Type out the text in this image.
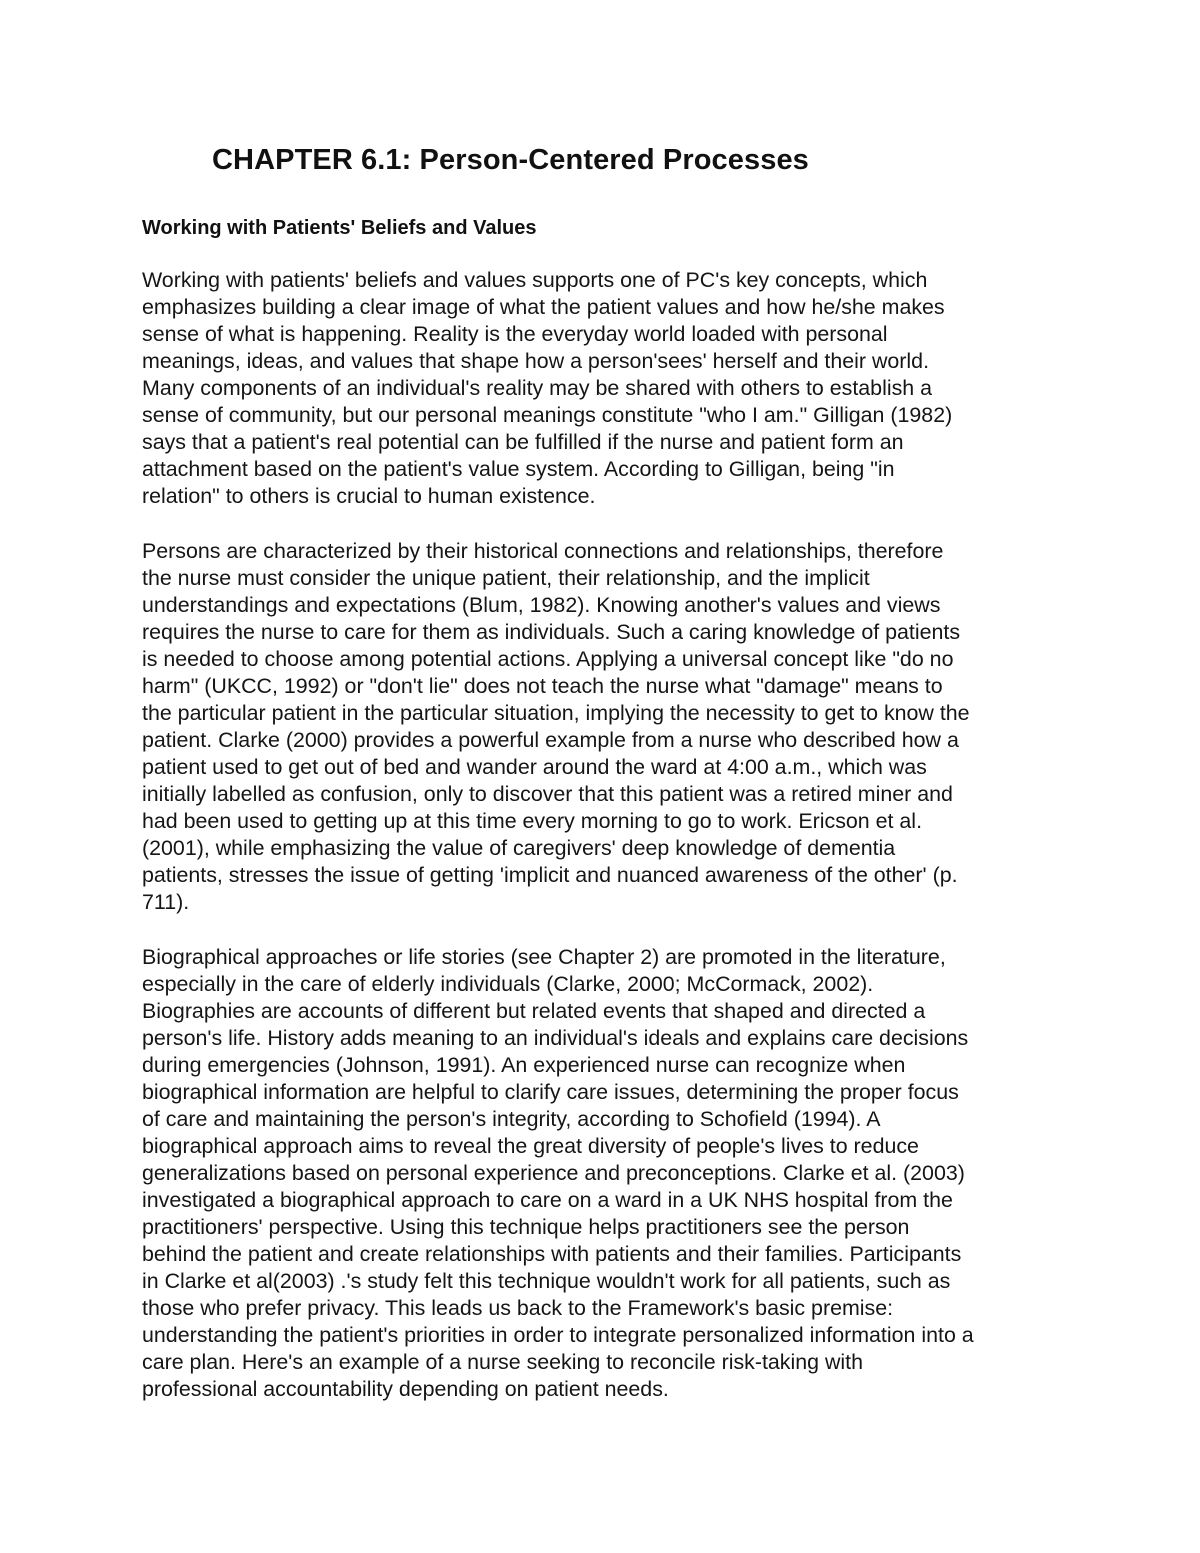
CHAPTER 6.1: Person-Centered Processes
Working with Patients' Beliefs and Values
Working with patients' beliefs and values supports one of PC's key concepts, which
emphasizes building a clear image of what the patient values and how he/she makes
sense of what is happening. Reality is the everyday world loaded with personal
meanings, ideas, and values that shape how a person'sees' herself and their world.
Many components of an individual's reality may be shared with others to establish a
sense of community, but our personal meanings constitute "who I am." Gilligan (1982)
says that a patient's real potential can be fulfilled if the nurse and patient form an
attachment based on the patient's value system. According to Gilligan, being "in
relation" to others is crucial to human existence.
Persons are characterized by their historical connections and relationships, therefore
the nurse must consider the unique patient, their relationship, and the implicit
understandings and expectations (Blum, 1982). Knowing another's values and views
requires the nurse to care for them as individuals. Such a caring knowledge of patients
is needed to choose among potential actions. Applying a universal concept like "do no
harm" (UKCC, 1992) or "don't lie" does not teach the nurse what "damage" means to
the particular patient in the particular situation, implying the necessity to get to know the
patient. Clarke (2000) provides a powerful example from a nurse who described how a
patient used to get out of bed and wander around the ward at 4:00 a.m., which was
initially labelled as confusion, only to discover that this patient was a retired miner and
had been used to getting up at this time every morning to go to work. Ericson et al.
(2001), while emphasizing the value of caregivers' deep knowledge of dementia
patients, stresses the issue of getting 'implicit and nuanced awareness of the other' (p.
711).
Biographical approaches or life stories (see Chapter 2) are promoted in the literature,
especially in the care of elderly individuals (Clarke, 2000; McCormack, 2002).
Biographies are accounts of different but related events that shaped and directed a
person's life. History adds meaning to an individual's ideals and explains care decisions
during emergencies (Johnson, 1991). An experienced nurse can recognize when
biographical information are helpful to clarify care issues, determining the proper focus
of care and maintaining the person's integrity, according to Schofield (1994). A
biographical approach aims to reveal the great diversity of people's lives to reduce
generalizations based on personal experience and preconceptions. Clarke et al. (2003)
investigated a biographical approach to care on a ward in a UK NHS hospital from the
practitioners' perspective. Using this technique helps practitioners see the person
behind the patient and create relationships with patients and their families. Participants
in Clarke et al(2003) .'s study felt this technique wouldn't work for all patients, such as
those who prefer privacy. This leads us back to the Framework's basic premise:
understanding the patient's priorities in order to integrate personalized information into a
care plan. Here's an example of a nurse seeking to reconcile risk-taking with
professional accountability depending on patient needs.
